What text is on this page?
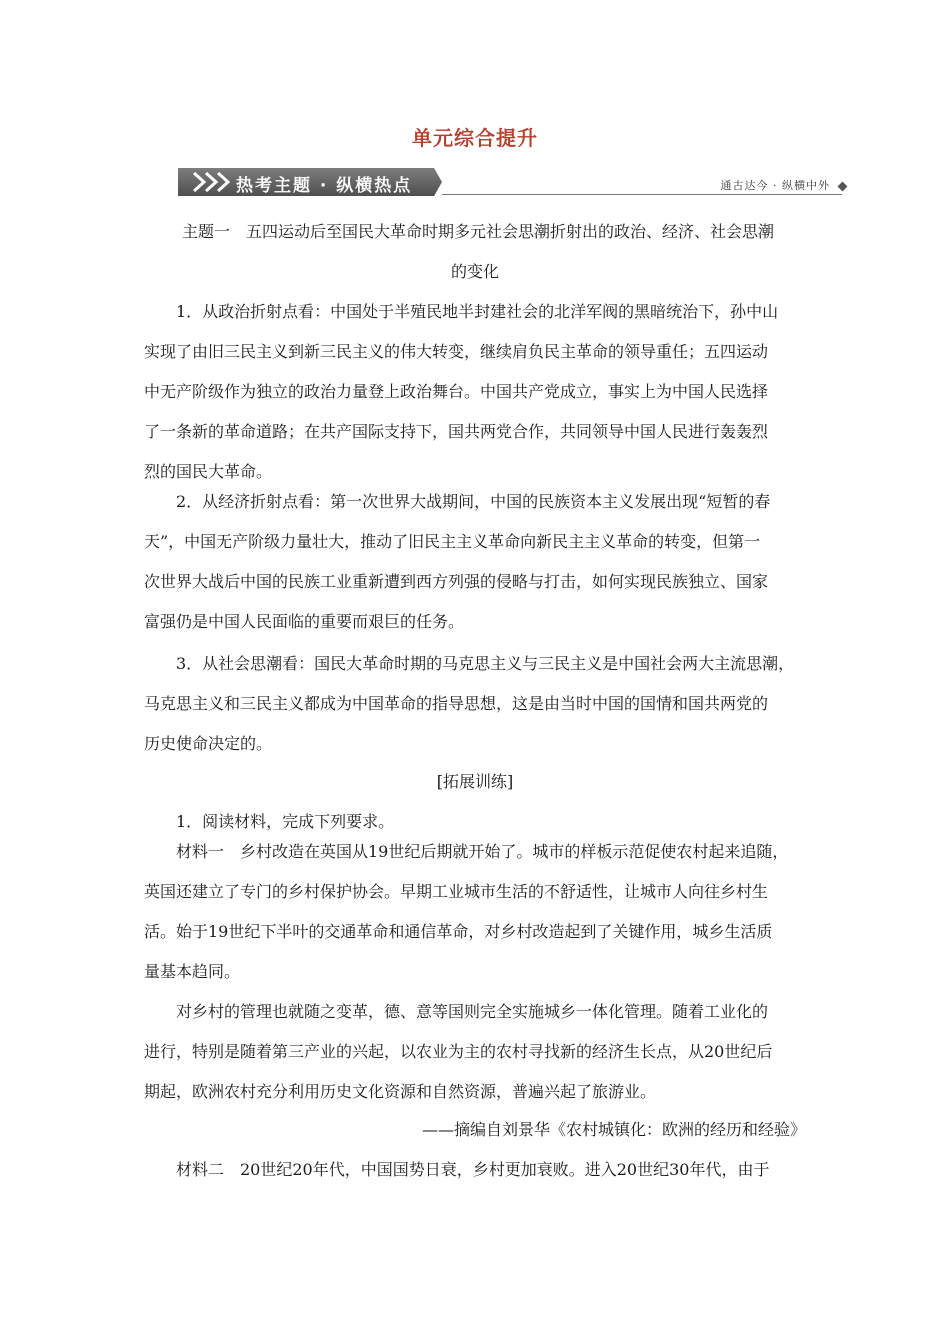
单元综合提升
热考主题 · 纵横热点	通古达今 · 纵横中外
主题一　五四运动后至国民大革命时期多元社会思潮折射出的政治、经济、社会思潮
的变化
　　1．从政治折射点看：中国处于半殖民地半封建社会的北洋军阀的黑暗统治下，孙中山
实现了由旧三民主义到新三民主义的伟大转变，继续肩负民主革命的领导重任；五四运动
中无产阶级作为独立的政治力量登上政治舞台。中国共产党成立，事实上为中国人民选择
了一条新的革命道路；在共产国际支持下，国共两党合作，共同领导中国人民进行轰轰烈
烈的国民大革命。
　　2．从经济折射点看：第一次世界大战期间，中国的民族资本主义发展出现“短暂的春
天”，中国无产阶级力量壮大，推动了旧民主主义革命向新民主主义革命的转变，但第一
次世界大战后中国的民族工业重新遭到西方列强的侵略与打击，如何实现民族独立、国家
富强仍是中国人民面临的重要而艰巨的任务。
　　3．从社会思潮看：国民大革命时期的马克思主义与三民主义是中国社会两大主流思潮，
马克思主义和三民主义都成为中国革命的指导思想，这是由当时中国的国情和国共两党的
历史使命决定的。
[拓展训练]
　　1．阅读材料，完成下列要求。
　　材料一　乡村改造在英国从19世纪后期就开始了。城市的样板示范促使农村起来追随，
英国还建立了专门的乡村保护协会。早期工业城市生活的不舒适性，让城市人向往乡村生
活。始于19世纪下半叶的交通革命和通信革命，对乡村改造起到了关键作用，城乡生活质
量基本趋同。
　　对乡村的管理也就随之变革，德、意等国则完全实施城乡一体化管理。随着工业化的
进行，特别是随着第三产业的兴起，以农业为主的农村寻找新的经济生长点，从20世纪后
期起，欧洲农村充分利用历史文化资源和自然资源，普遍兴起了旅游业。
——摘编自刘景华《农村城镇化：欧洲的经历和经验》
　　材料二　20世纪20年代，中国国势日衰，乡村更加衰败。进入20世纪30年代，由于
